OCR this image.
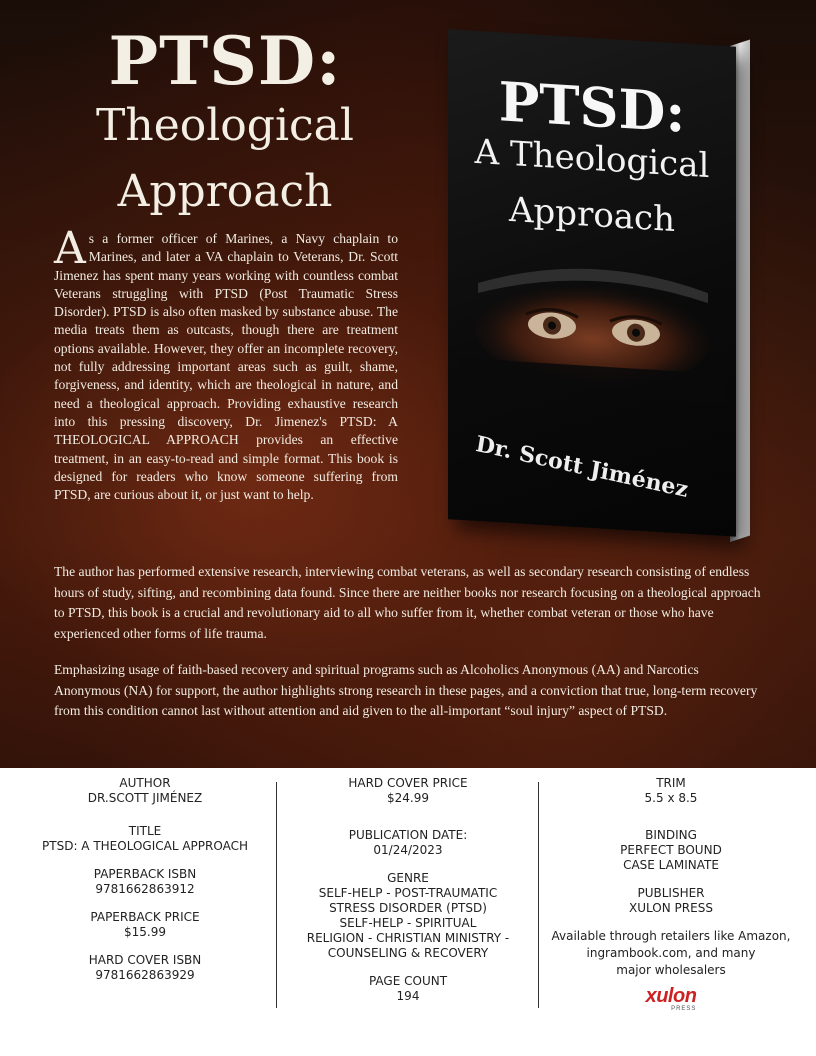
PTSD:
Theological
Approach

As a former officer of Marines, a Navy chaplain to Marines, and later a VA chaplain to Veterans, Dr. Scott Jimenez has spent many years working with countless combat Veterans struggling with PTSD (Post Traumatic Stress Disorder). PTSD is also often masked by substance abuse. The media treats them as outcasts, though there are treatment options available. However, they offer an incomplete recovery, not fully addressing important areas such as guilt, shame, forgiveness, and identity, which are theological in nature, and need a theological approach. Providing exhaustive research into this pressing discovery, Dr. Jimenez's PTSD: A THEOLOGICAL APPROACH provides an effective treatment, in an easy-to-read and simple format. This book is designed for readers who know someone suffering from PTSD, are curious about it, or just want to help.

PTSD:
A Theological
Approach
Dr. Scott Jiménez

The author has performed extensive research, interviewing combat veterans, as well as secondary research consisting of endless hours of study, sifting, and recombining data found. Since there are neither books nor research focusing on a theological approach to PTSD, this book is a crucial and revolutionary aid to all who suffer from it, whether combat veteran or those who have experienced other forms of life trauma.

Emphasizing usage of faith-based recovery and spiritual programs such as Alcoholics Anonymous (AA) and Narcotics Anonymous (NA) for support, the author highlights strong research in these pages, and a conviction that true, long-term recovery from this condition cannot last without attention and aid given to the all-important “soul injury” aspect of PTSD.

AUTHOR
DR.SCOTT JIMÉNEZ
TITLE
PTSD: A THEOLOGICAL APPROACH
PAPERBACK ISBN
9781662863912
PAPERBACK PRICE
$15.99
HARD COVER ISBN
9781662863929
HARD COVER PRICE
$24.99
PUBLICATION DATE:
01/24/2023
GENRE
SELF-HELP - POST-TRAUMATIC
STRESS DISORDER (PTSD)
SELF-HELP - SPIRITUAL
RELIGION - CHRISTIAN MINISTRY -
COUNSELING & RECOVERY
PAGE COUNT
194
TRIM
5.5 x 8.5
BINDING
PERFECT BOUND
CASE LAMINATE
PUBLISHER
XULON PRESS
Available through retailers like Amazon,
ingrambook.com, and many
major wholesalers
xulon
PRESS
